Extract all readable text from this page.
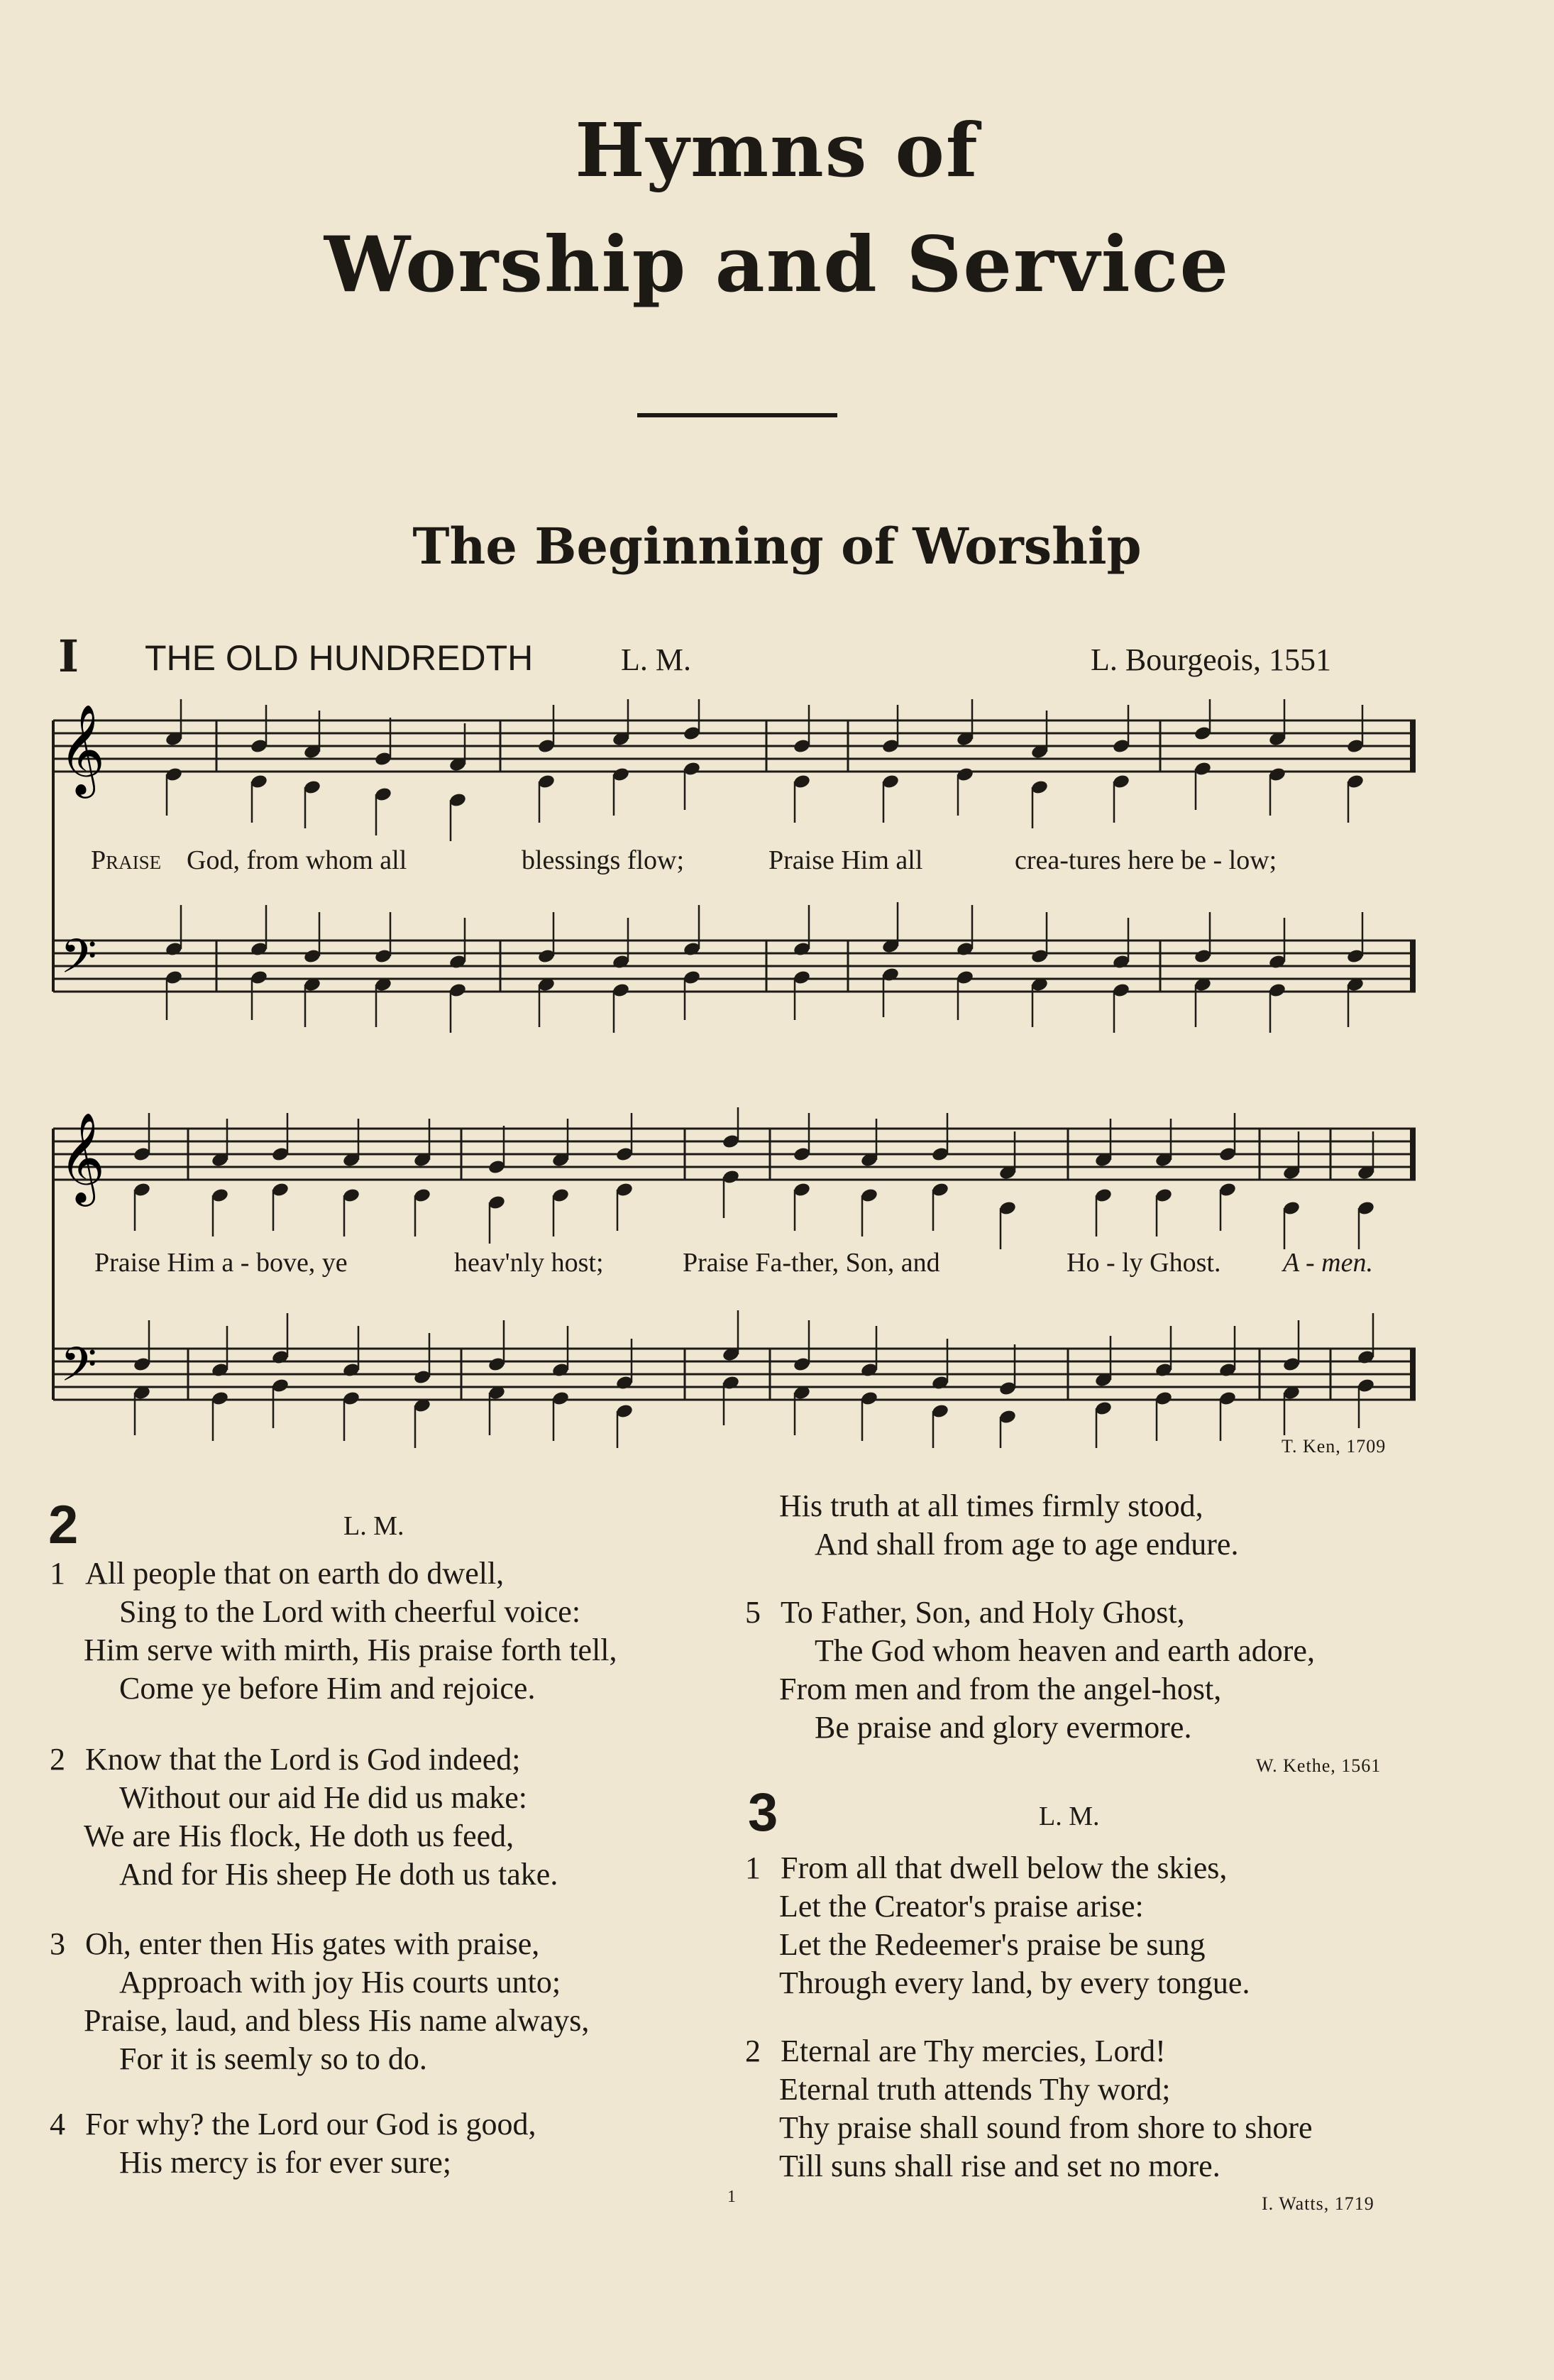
Hymns of
Worship and Service
The Beginning of Worship
I THE OLD HUNDREDTH	L. M.	L. Bourgeois, 1551
𝄞
𝄢
𝄞
𝄢
Praise God, from whom all	blessings flow;	Praise Him all	crea-tures here be - low;
Praise Him a - bove, ye	heav'nly host;	Praise Fa-ther, Son, and	Ho - ly Ghost. A - men.
T. Ken, 1709
2	L. M.
1 All people that on earth do dwell,
Sing to the Lord with cheerful voice:
Him serve with mirth, His praise forth tell,
Come ye before Him and rejoice.
2 Know that the Lord is God indeed;
Without our aid He did us make:
We are His flock, He doth us feed,
And for His sheep He doth us take.
3 Oh, enter then His gates with praise,
Approach with joy His courts unto;
Praise, laud, and bless His name always,
For it is seemly so to do.
4 For why? the Lord our God is good,
His mercy is for ever sure;
His truth at all times firmly stood,
And shall from age to age endure.
5 To Father, Son, and Holy Ghost,
The God whom heaven and earth adore,
From men and from the angel-host,
Be praise and glory evermore.
W. Kethe, 1561
3	L. M.
1 From all that dwell below the skies,
Let the Creator's praise arise:
Let the Redeemer's praise be sung
Through every land, by every tongue.
2 Eternal are Thy mercies, Lord!
Eternal truth attends Thy word;
Thy praise shall sound from shore to shore
Till suns shall rise and set no more.
I. Watts, 1719
1
